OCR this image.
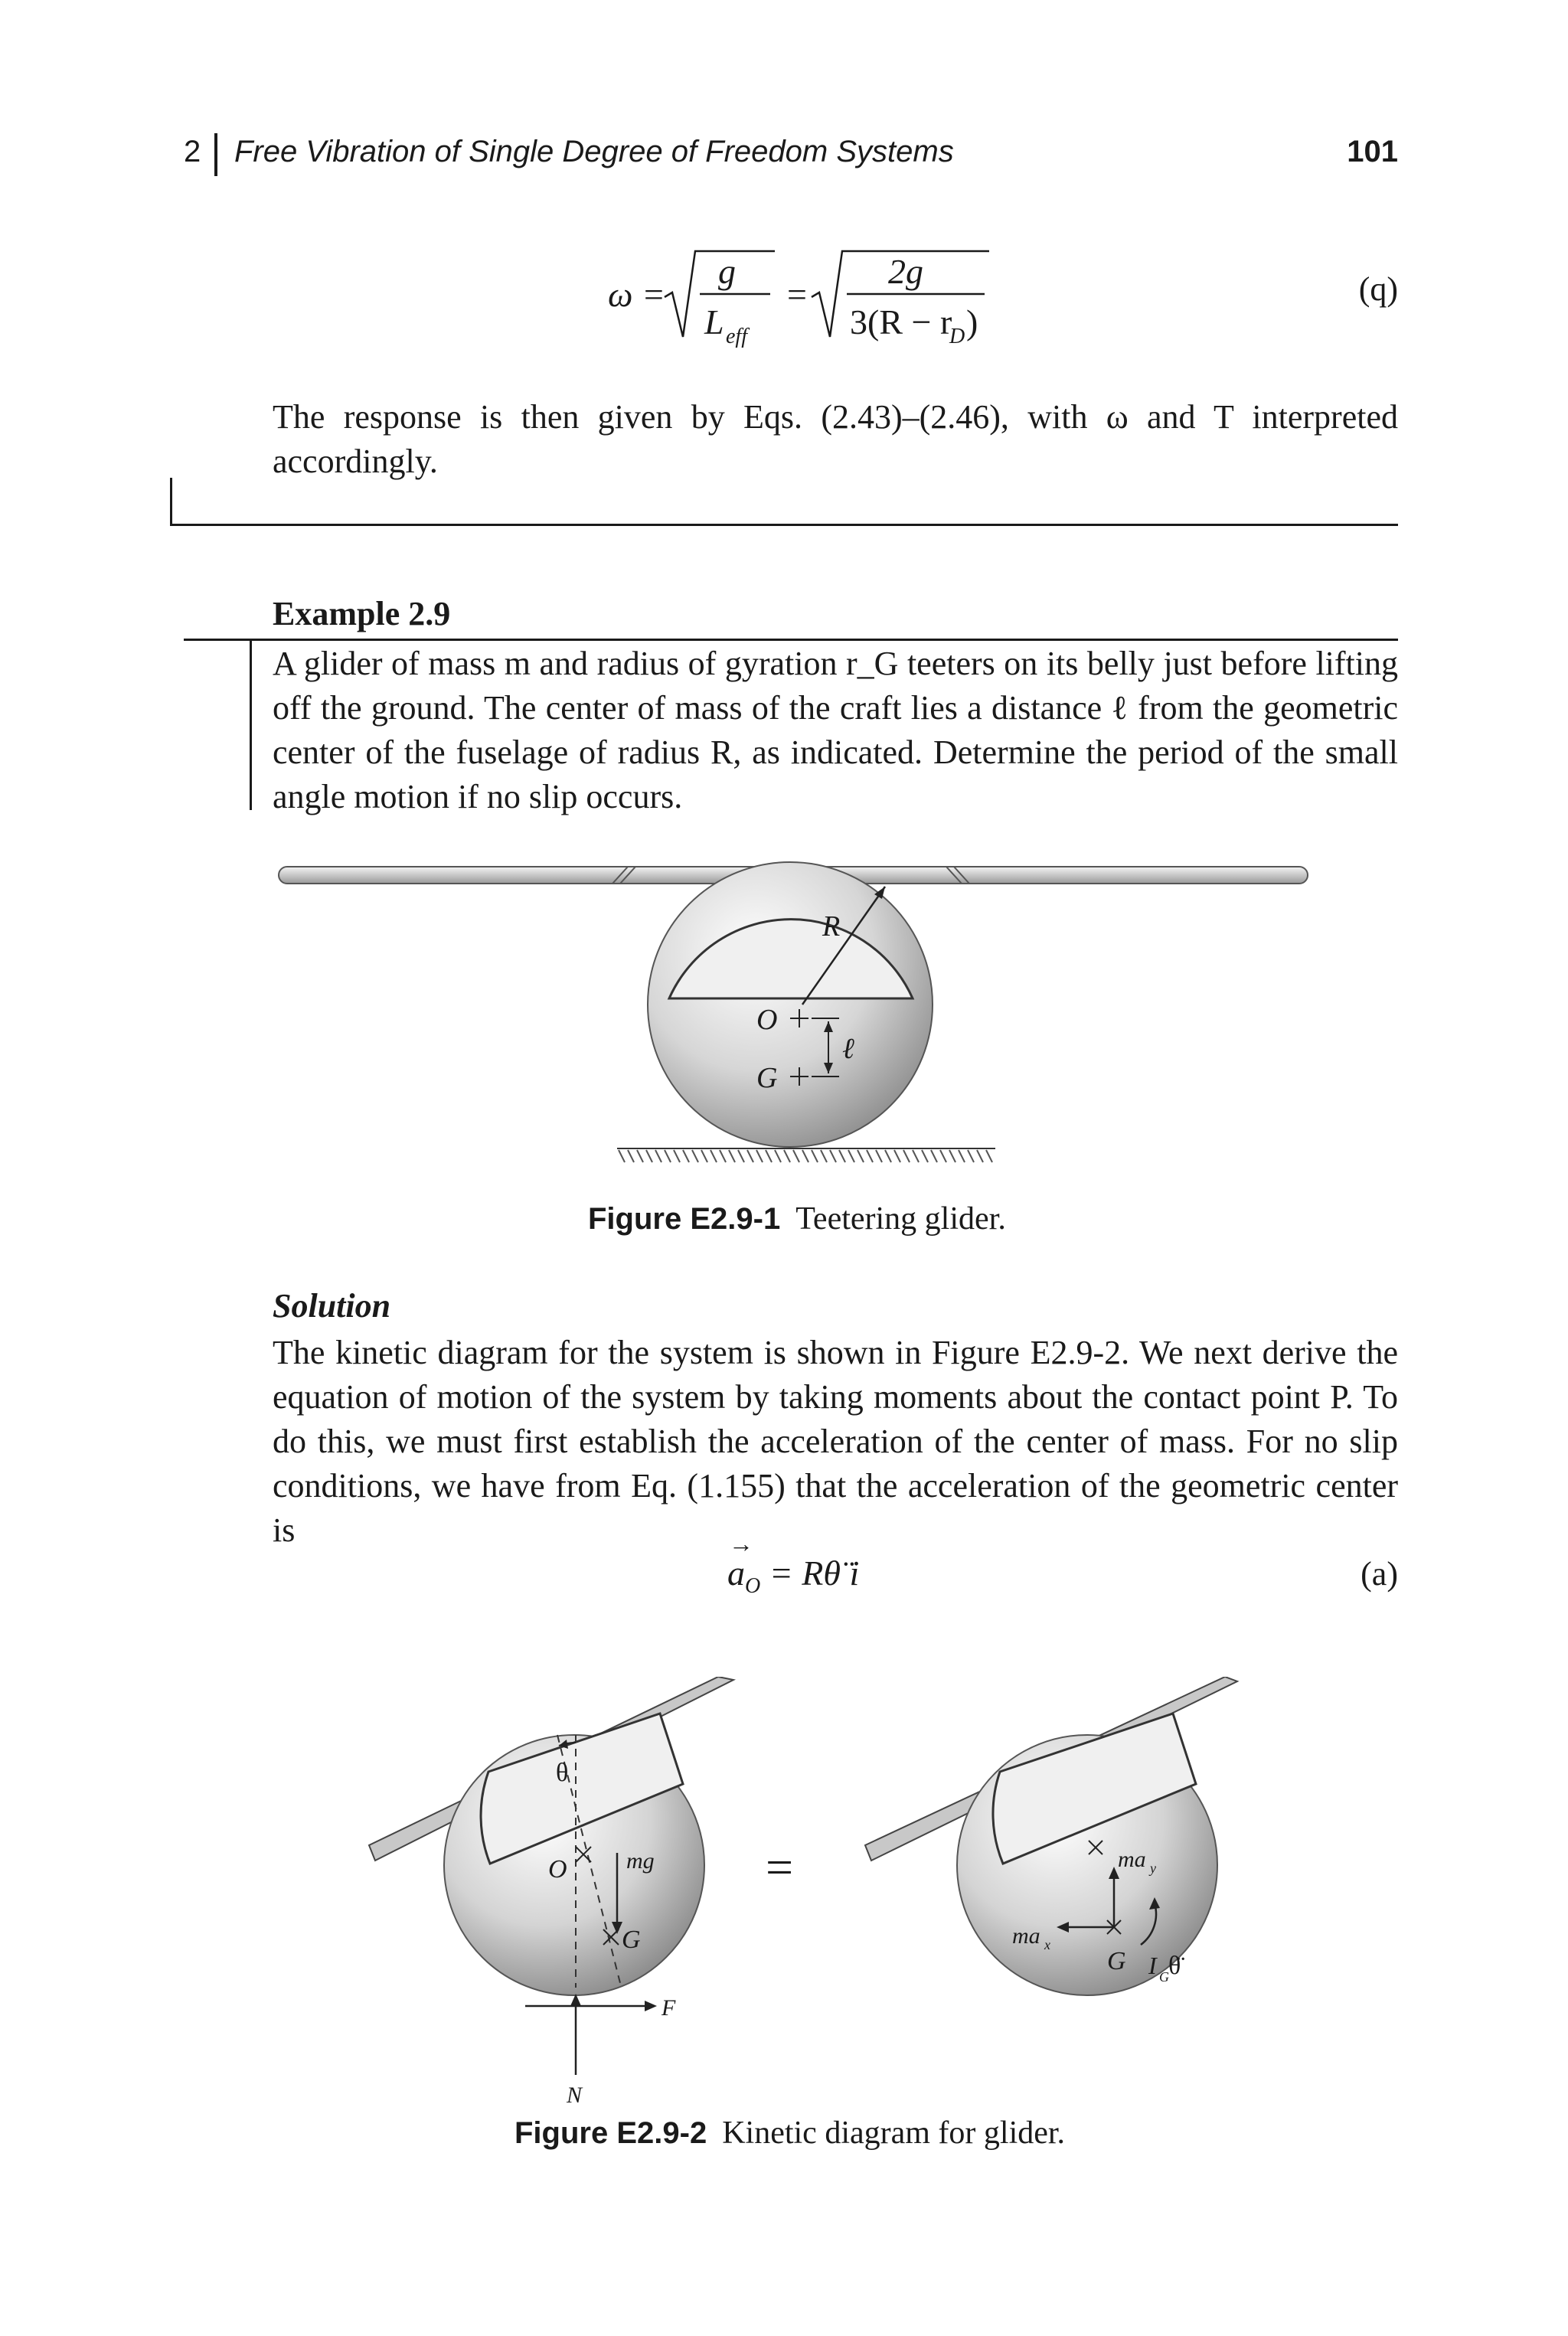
2 Free Vibration of Single Degree of Freedom Systems	101
ω =
g
L eff
=
2g
3(R − r
D )
(q)
The response is then given by Eqs. (2.43)–(2.46), with ω and T interpreted accordingly.
Example 2.9
A glider of mass m and radius of gyration r_G teeters on its belly just before lifting off the ground. The center of mass of the craft lies a distance ℓ from the geometric center of the fuselage of radius R, as indicated. Determine the period of the small angle motion if no slip occurs.
R
O
ℓ
G
Figure E2.9-1 Teetering glider.
Solution
The kinetic diagram for the system is shown in Figure E2.9-2. We next derive the equation of motion of the system by taking moments about the contact point P. To do this, we must first establish the acceleration of the center of mass. For no slip conditions, we have from Eq. (1.155) that the acceleration of the geometric center is	→
$a_O$ = Rθ̈ i	(a)
θ
O	mg
G
F
N
ma y
ma x
G I G θ̈
=
Figure E2.9-2 Kinetic diagram for glider.
